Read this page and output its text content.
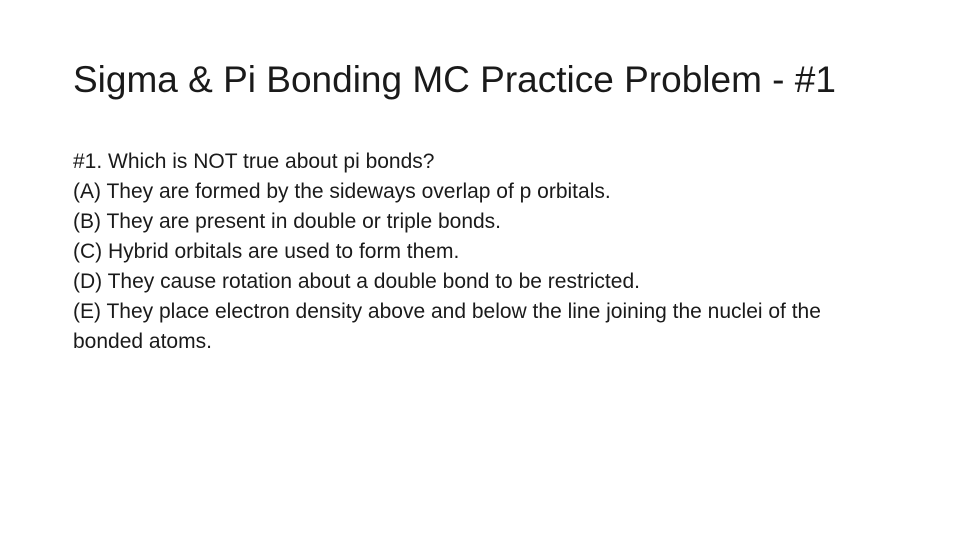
Sigma & Pi Bonding MC Practice Problem - #1
#1. Which is NOT true about pi bonds?
(A) They are formed by the sideways overlap of p orbitals.
(B) They are present in double or triple bonds.
(C) Hybrid orbitals are used to form them.
(D) They cause rotation about a double bond to be restricted.
(E) They place electron density above and below the line joining the nuclei of the bonded atoms.
